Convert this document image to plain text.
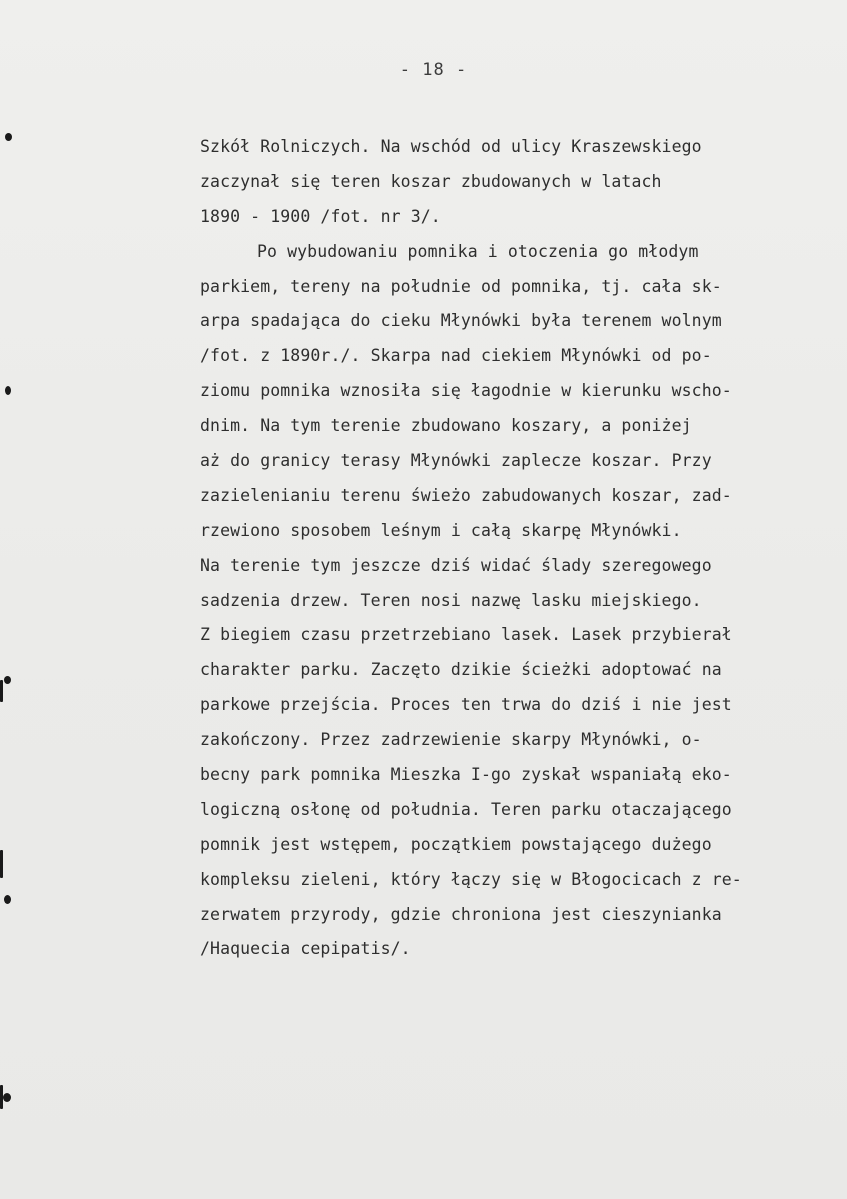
- 18 -
Szkół Rolniczych. Na wschód od ulicy Kraszewskiego
zaczynał się teren koszar zbudowanych w latach
1890 - 1900 /fot. nr 3/.
Po wybudowaniu pomnika i otoczenia go młodym
parkiem, tereny na południe od pomnika, tj. cała sk-
arpa spadająca do cieku Młynówki była terenem wolnym
/fot. z 1890r./. Skarpa nad ciekiem Młynówki od po-
ziomu pomnika wznosiła się łagodnie w kierunku wscho-
dnim. Na tym terenie zbudowano koszary, a poniżej
aż do granicy terasy Młynówki zaplecze koszar. Przy
zazielenianiu terenu świeżo zabudowanych koszar, zad-
rzewiono sposobem leśnym i całą skarpę Młynówki.
Na terenie tym jeszcze dziś widać ślady szeregowego
sadzenia drzew. Teren nosi nazwę lasku miejskiego.
Z biegiem czasu przetrzebiano lasek. Lasek przybierał
charakter parku. Zaczęto dzikie ścieżki adoptować na
parkowe przejścia. Proces ten trwa do dziś i nie jest
zakończony. Przez zadrzewienie skarpy Młynówki, o-
becny park pomnika Mieszka I-go zyskał wspaniałą eko-
logiczną osłonę od południa. Teren parku otaczającego
pomnik jest wstępem, początkiem powstającego dużego
kompleksu zieleni, który łączy się w Błogocicach z re-
zerwatem przyrody, gdzie chroniona jest cieszynianka
/Haquecia cepipatis/.
